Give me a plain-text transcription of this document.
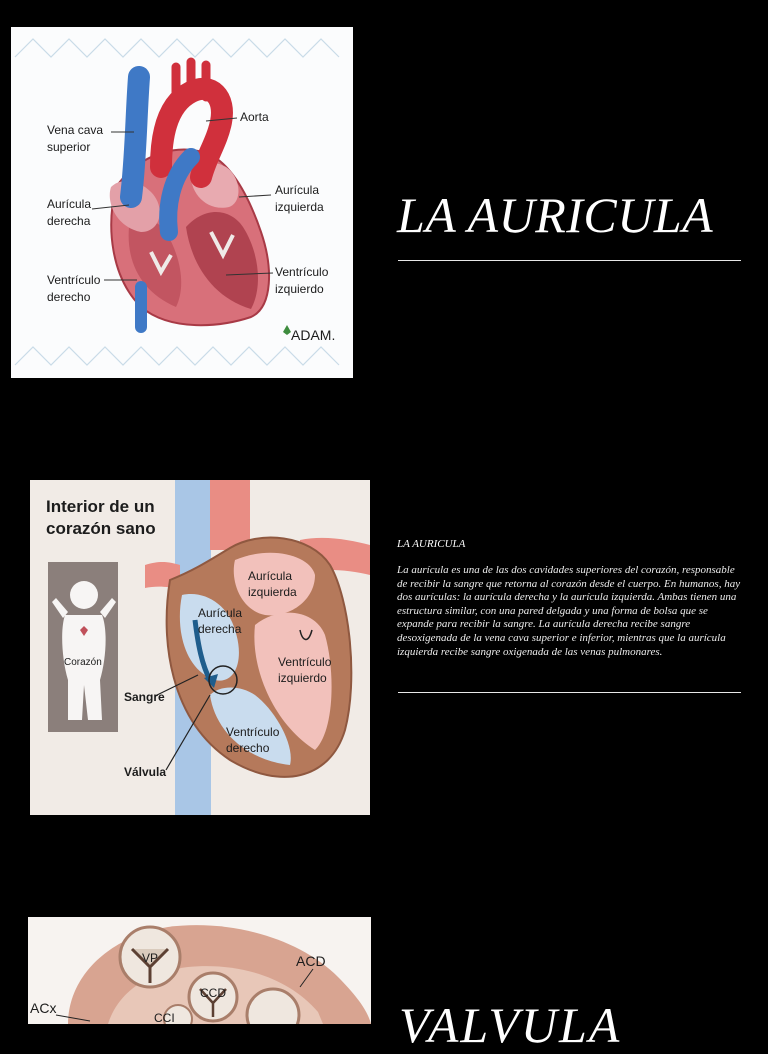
Vena cava
superior
Aorta
Aurícula
derecha
Aurícula
izquierda
Ventrículo
derecho
Ventrículo
izquierdo
ADAM.
LA AURICULA
Interior de un
corazón sano
Corazón
Aurícula
izquierda
Aurícula
derecha
Ventrículo
izquierdo
Ventrículo
derecho
Sangre
Válvula
LA AURICULA
La aurícula es una de las dos cavidades superiores del corazón, responsable de recibir la sangre que retorna al corazón desde el cuerpo. En humanos, hay dos aurículas: la aurícula derecha y la aurícula izquierda. Ambas tienen una estructura similar, con una pared delgada y una forma de bolsa que se expande para recibir la sangre. La aurícula derecha recibe sangre desoxigenada de la vena cava superior e inferior, mientras que la aurícula izquierda recibe sangre oxigenada de las venas pulmonares.
VP	ACD
ACx
CCD
CCI	VALVULA
